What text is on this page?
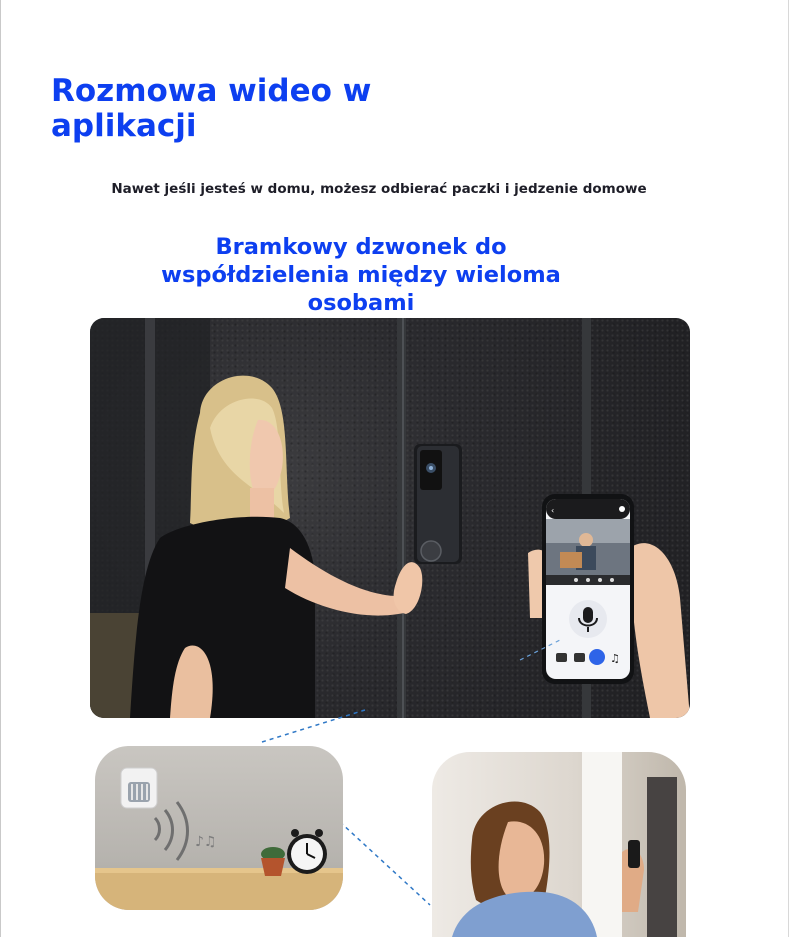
Rozmowa wideo w aplikacji

Nawet jeśli jesteś w domu, możesz odbierać paczki i jedzenie domowe

Bramkowy dzwonek do współdzielenia między wieloma osobami
‹
♫
♪♫
